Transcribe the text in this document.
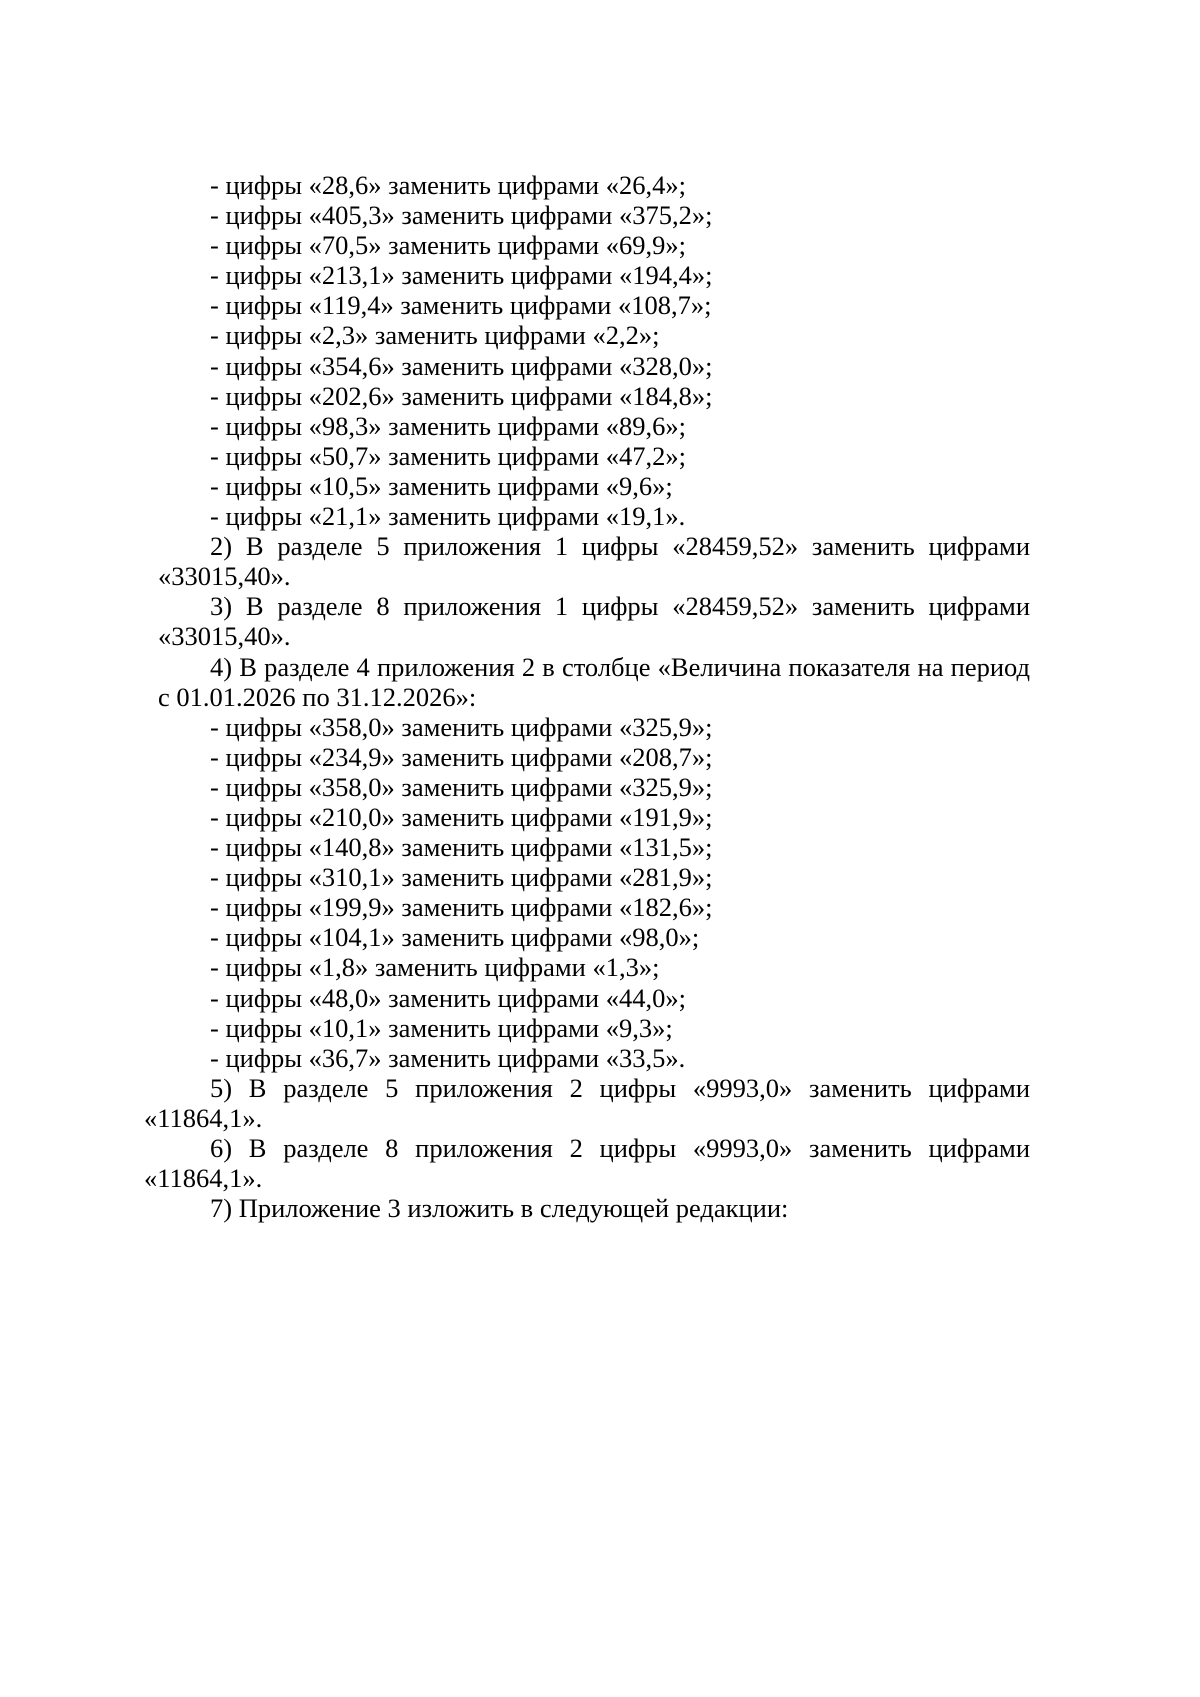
- цифры «28,6» заменить цифрами «26,4»;
- цифры «405,3» заменить цифрами «375,2»;
- цифры «70,5» заменить цифрами «69,9»;
- цифры «213,1» заменить цифрами «194,4»;
- цифры «119,4» заменить цифрами «108,7»;
- цифры «2,3» заменить цифрами «2,2»;
- цифры «354,6» заменить цифрами «328,0»;
- цифры «202,6» заменить цифрами «184,8»;
- цифры «98,3» заменить цифрами «89,6»;
- цифры «50,7» заменить цифрами «47,2»;
- цифры «10,5» заменить цифрами «9,6»;
- цифры «21,1» заменить цифрами «19,1».
2) В разделе 5 приложения 1 цифры «28459,52» заменить цифрами «33015,40».
3) В разделе 8 приложения 1 цифры «28459,52» заменить цифрами «33015,40».
4) В разделе 4 приложения 2 в столбце «Величина показателя на период с 01.01.2026 по 31.12.2026»:
- цифры «358,0» заменить цифрами «325,9»;
- цифры «234,9» заменить цифрами «208,7»;
- цифры «358,0» заменить цифрами «325,9»;
- цифры «210,0» заменить цифрами «191,9»;
- цифры «140,8» заменить цифрами «131,5»;
- цифры «310,1» заменить цифрами «281,9»;
- цифры «199,9» заменить цифрами «182,6»;
- цифры «104,1» заменить цифрами «98,0»;
- цифры «1,8» заменить цифрами «1,3»;
- цифры «48,0» заменить цифрами «44,0»;
- цифры «10,1» заменить цифрами «9,3»;
- цифры «36,7» заменить цифрами «33,5».
5) В разделе 5 приложения 2 цифры «9993,0» заменить цифрами «11864,1».
6) В разделе 8 приложения 2 цифры «9993,0» заменить цифрами «11864,1».
7) Приложение 3 изложить в следующей редакции:
